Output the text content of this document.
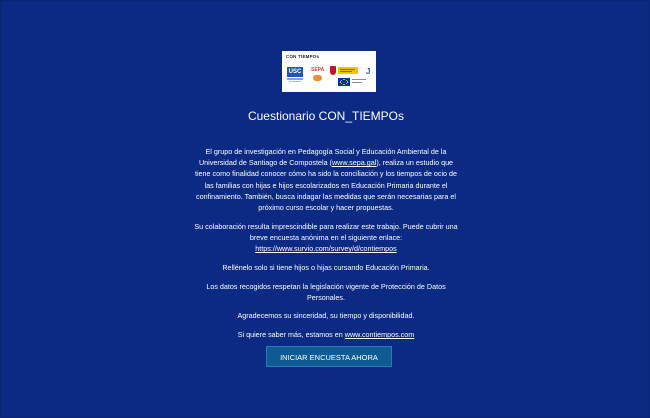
CON TIEMPOs
USC	SEPA	J
Cuestionario CON_TIEMPOs

El grupo de investigación en Pedagogía Social y Educación Ambiental de la Universidad de Santiago de Compostela (www.sepa.gal), realiza un estudio que tiene como finalidad conocer cómo ha sido la conciliación y los tiempos de ocio de las familias con hijas e hijos escolarizados en Educación Primaria durante el confinamiento. También, busca indagar las medidas que serán necesarias para el próximo curso escolar y hacer propuestas.

Su colaboración resulta imprescindible para realizar este trabajo. Puede cubrir una breve encuesta anónima en el siguiente enlace:
https://www.survio.com/survey/d/contiempos

Rellénelo solo si tiene hijos o hijas cursando Educación Primaria.

Los datos recogidos respetan la legislación vigente de Protección de Datos Personales.

Agradecemos su sinceridad, su tiempo y disponibilidad.

Si quiere saber más, estamos en www.contiempos.com

INICIAR ENCUESTA AHORA
